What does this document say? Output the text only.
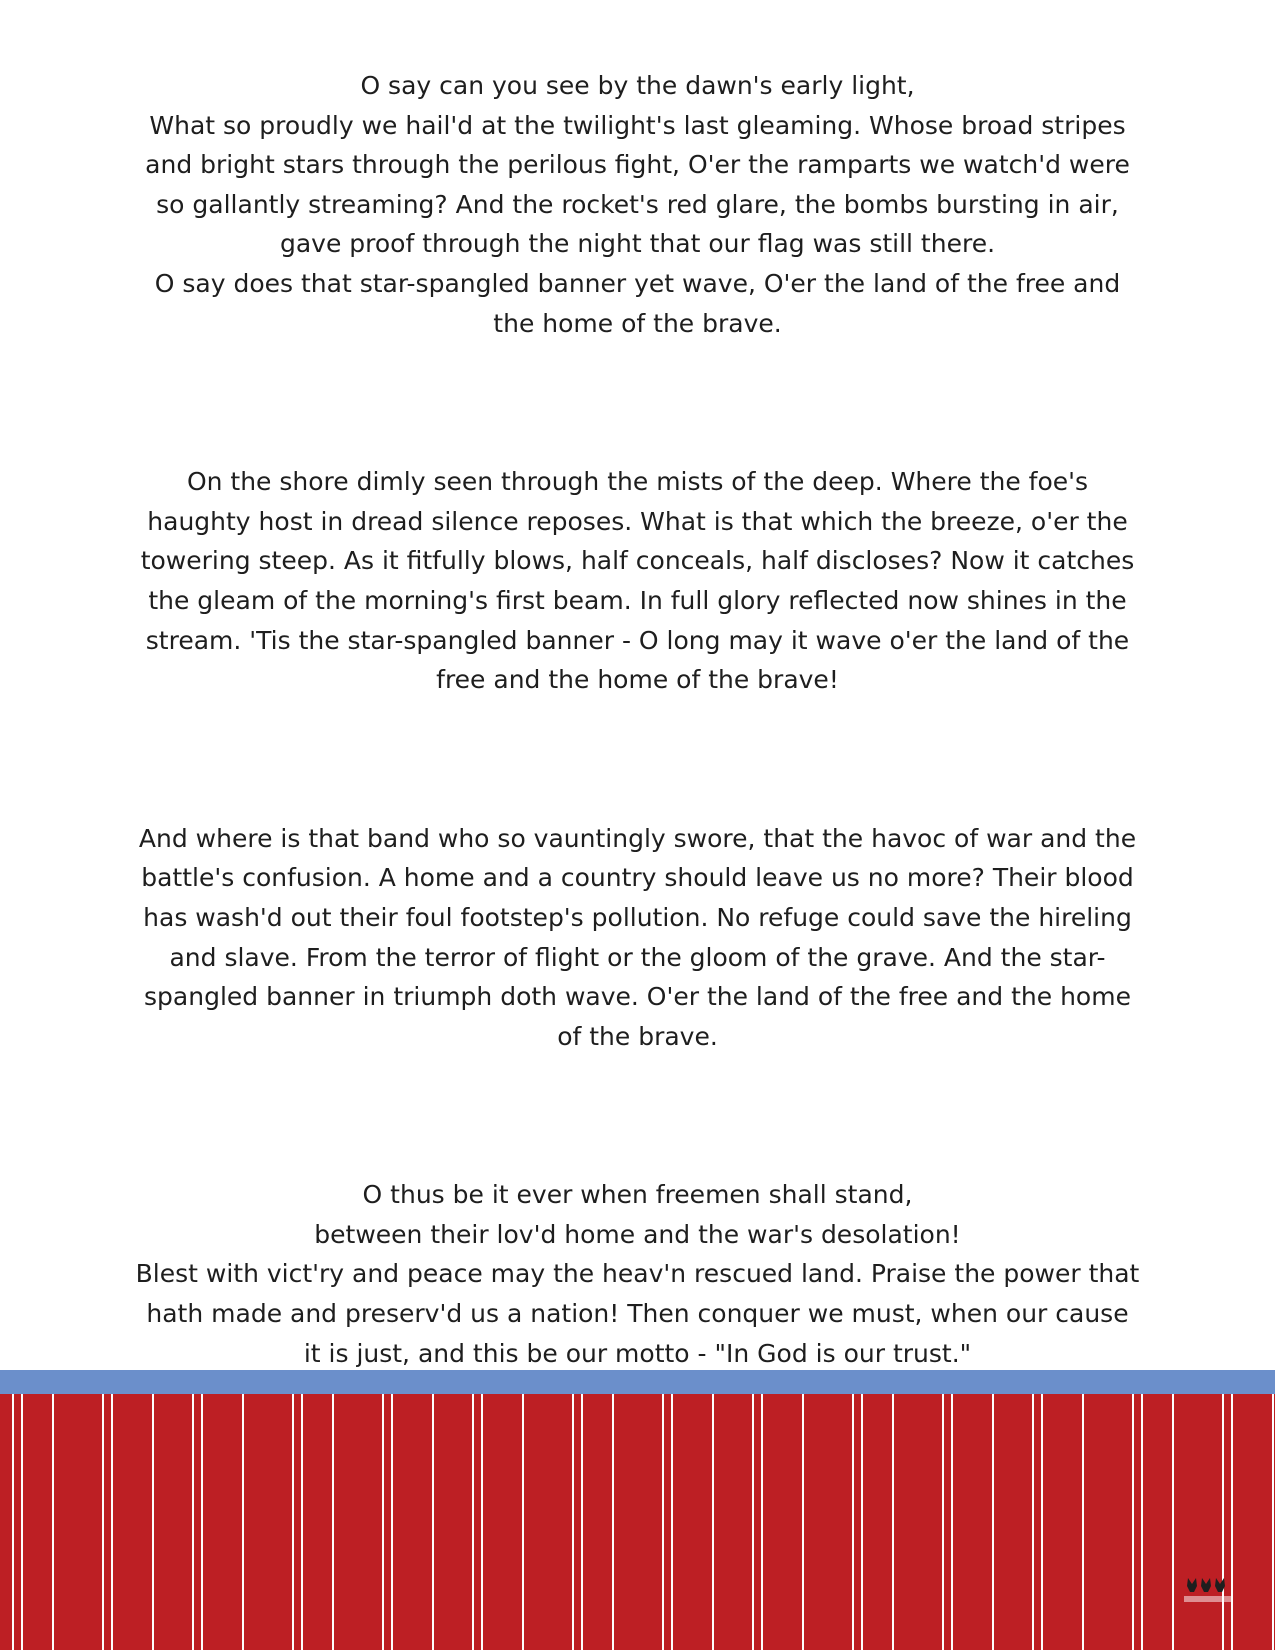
O say can you see by the dawn's early light,
What so proudly we hail'd at the twilight's last gleaming. Whose broad stripes and bright stars through the perilous fight, O'er the ramparts we watch'd were so gallantly streaming? And the rocket's red glare, the bombs bursting in air, gave proof through the night that our flag was still there.
O say does that star-spangled banner yet wave, O'er the land of the free and the home of the brave.
On the shore dimly seen through the mists of the deep. Where the foe's haughty host in dread silence reposes. What is that which the breeze, o'er the towering steep. As it fitfully blows, half conceals, half discloses? Now it catches the gleam of the morning's first beam. In full glory reflected now shines in the stream. 'Tis the star-spangled banner - O long may it wave o'er the land of the free and the home of the brave!
And where is that band who so vauntingly swore, that the havoc of war and the battle's confusion. A home and a country should leave us no more? Their blood has wash'd out their foul footstep's pollution. No refuge could save the hireling and slave. From the terror of flight or the gloom of the grave. And the star-spangled banner in triumph doth wave. O'er the land of the free and the home of the brave.
O thus be it ever when freemen shall stand,
between their lov'd home and the war's desolation!
Blest with vict'ry and peace may the heav'n rescued land. Praise the power that hath made and preserv'd us a nation! Then conquer we must, when our cause it is just, and this be our motto - "In God is our trust."
